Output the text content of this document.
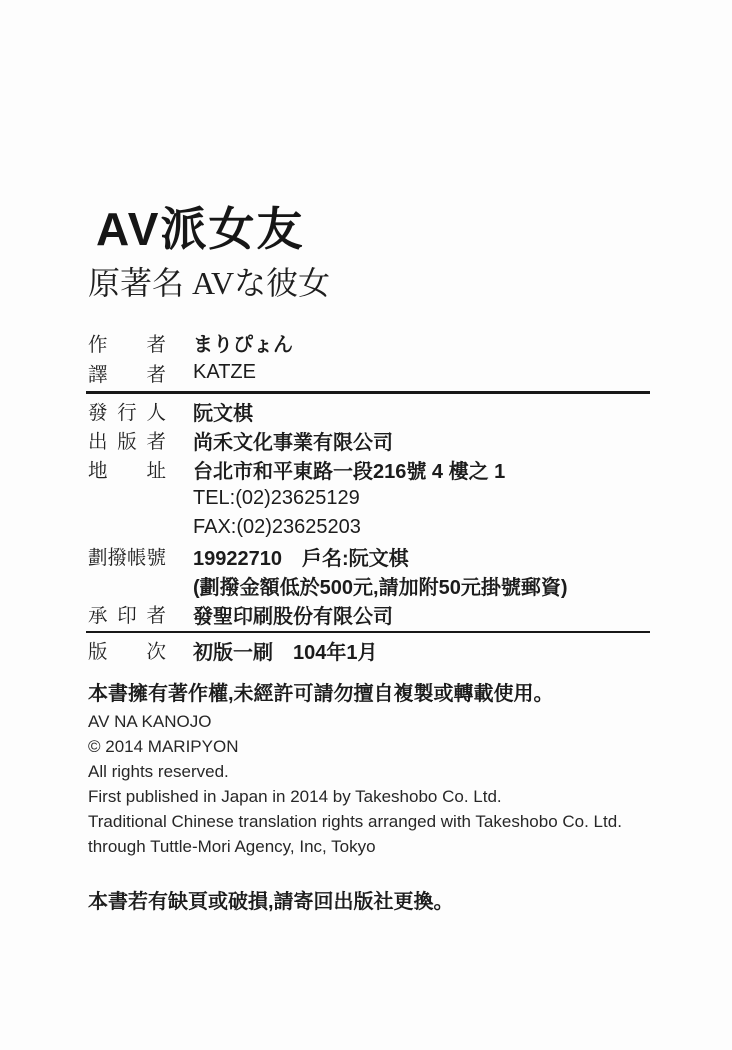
AV派女友
原著名 AVな彼女
作 者 まりぴょん
譯 者 KATZE
發 行 人 阮文棋
出 版 者 尚禾文化事業有限公司
地 址 台北市和平東路一段216號 4 樓之 1
TEL:(02)23625129
FAX:(02)23625203
劃撥帳號 19922710　戶名:阮文棋
(劃撥金額低於500元,請加附50元掛號郵資)
承 印 者 發聖印刷股份有限公司
版 次 初版一刷　104年1月
本書擁有著作權,未經許可請勿擅自複製或轉載使用。
AV NA KANOJO
© 2014 MARIPYON
All rights reserved.
First published in Japan in 2014 by Takeshobo Co. Ltd.
Traditional Chinese translation rights arranged with Takeshobo Co. Ltd.
through Tuttle-Mori Agency, Inc, Tokyo
本書若有缺頁或破損,請寄回出版社更換。
